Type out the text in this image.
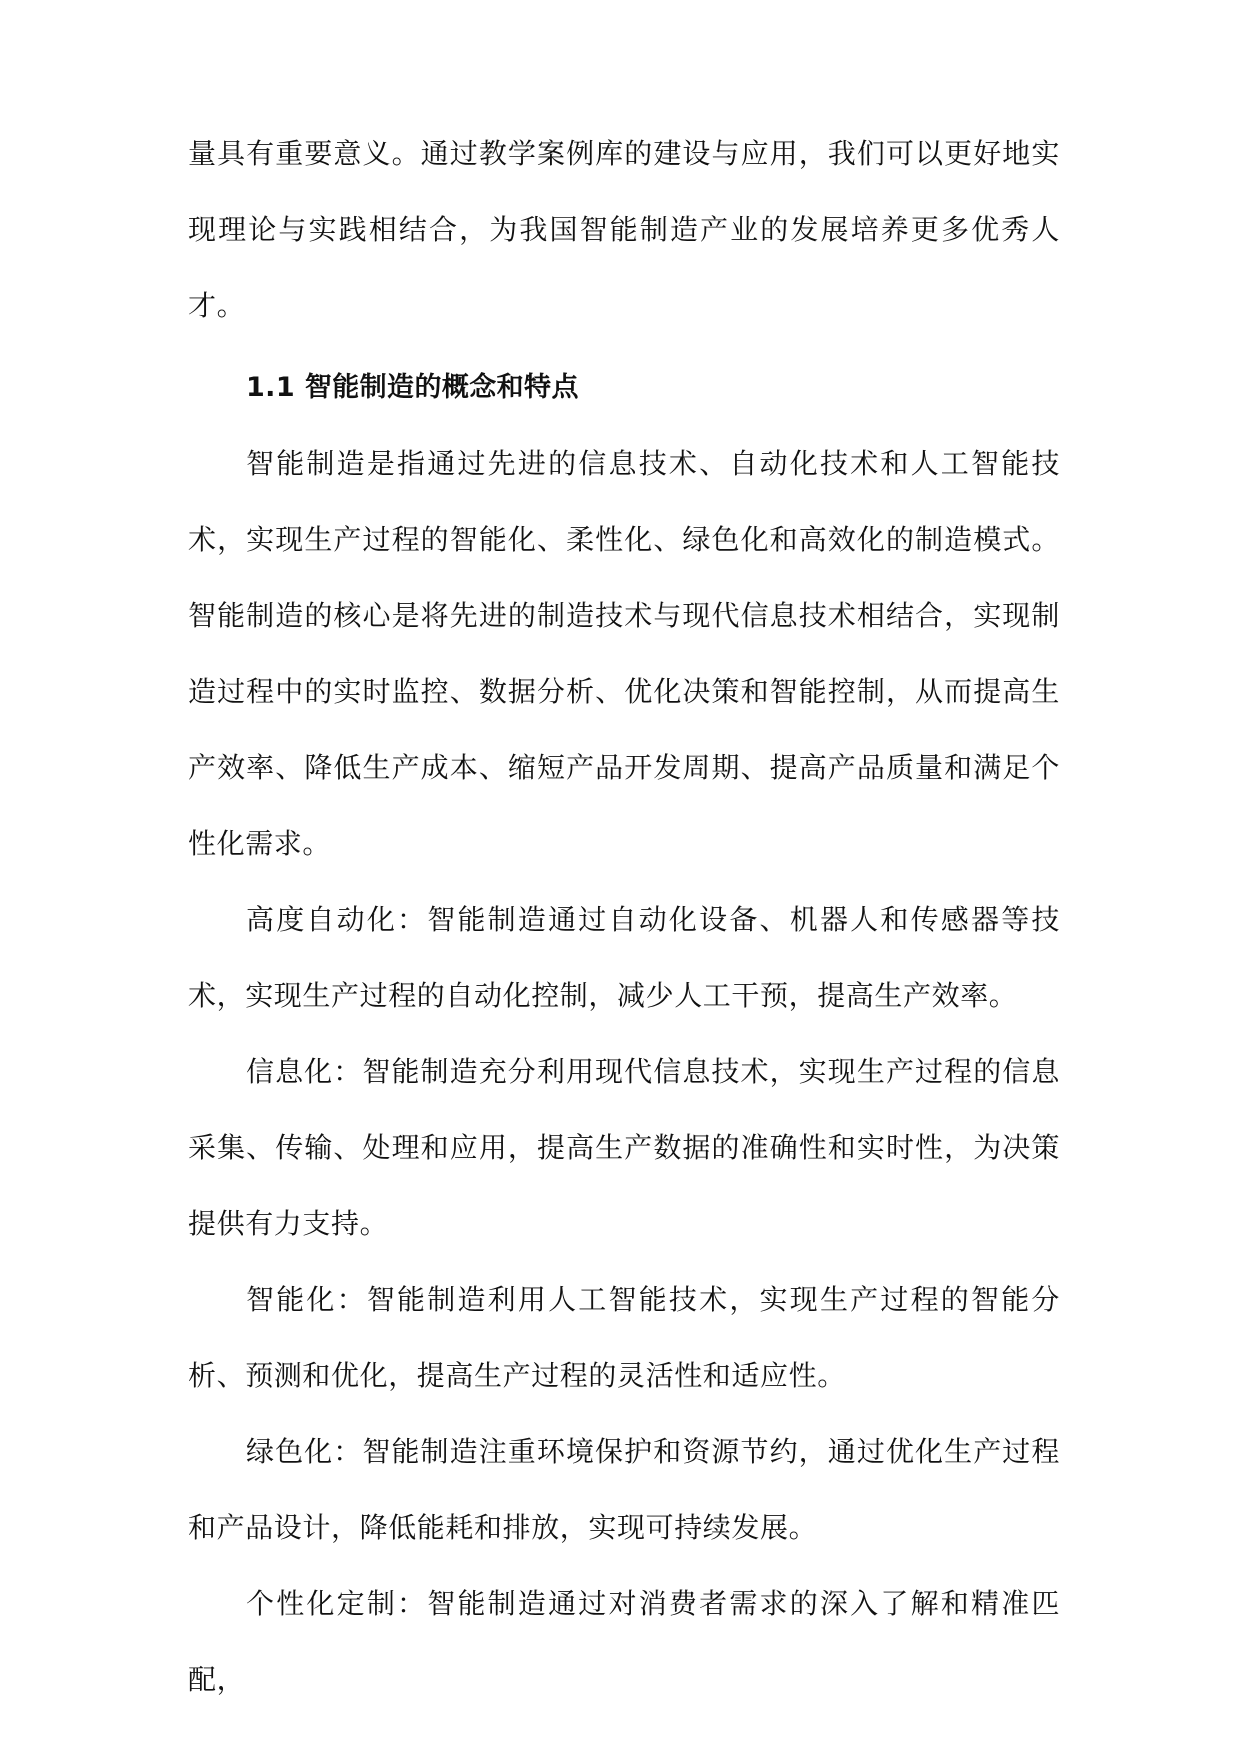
量具有重要意义。通过教学案例库的建设与应用，我们可以更好地实现理论与实践相结合，为我国智能制造产业的发展培养更多优秀人才。

1.1 智能制造的概念和特点

智能制造是指通过先进的信息技术、自动化技术和人工智能技术，实现生产过程的智能化、柔性化、绿色化和高效化的制造模式。智能制造的核心是将先进的制造技术与现代信息技术相结合，实现制造过程中的实时监控、数据分析、优化决策和智能控制，从而提高生产效率、降低生产成本、缩短产品开发周期、提高产品质量和满足个性化需求。

高度自动化：智能制造通过自动化设备、机器人和传感器等技术，实现生产过程的自动化控制，减少人工干预，提高生产效率。

信息化：智能制造充分利用现代信息技术，实现生产过程的信息采集、传输、处理和应用，提高生产数据的准确性和实时性，为决策提供有力支持。

智能化：智能制造利用人工智能技术，实现生产过程的智能分析、预测和优化，提高生产过程的灵活性和适应性。

绿色化：智能制造注重环境保护和资源节约，通过优化生产过程和产品设计，降低能耗和排放，实现可持续发展。

个性化定制：智能制造通过对消费者需求的深入了解和精准匹配，
